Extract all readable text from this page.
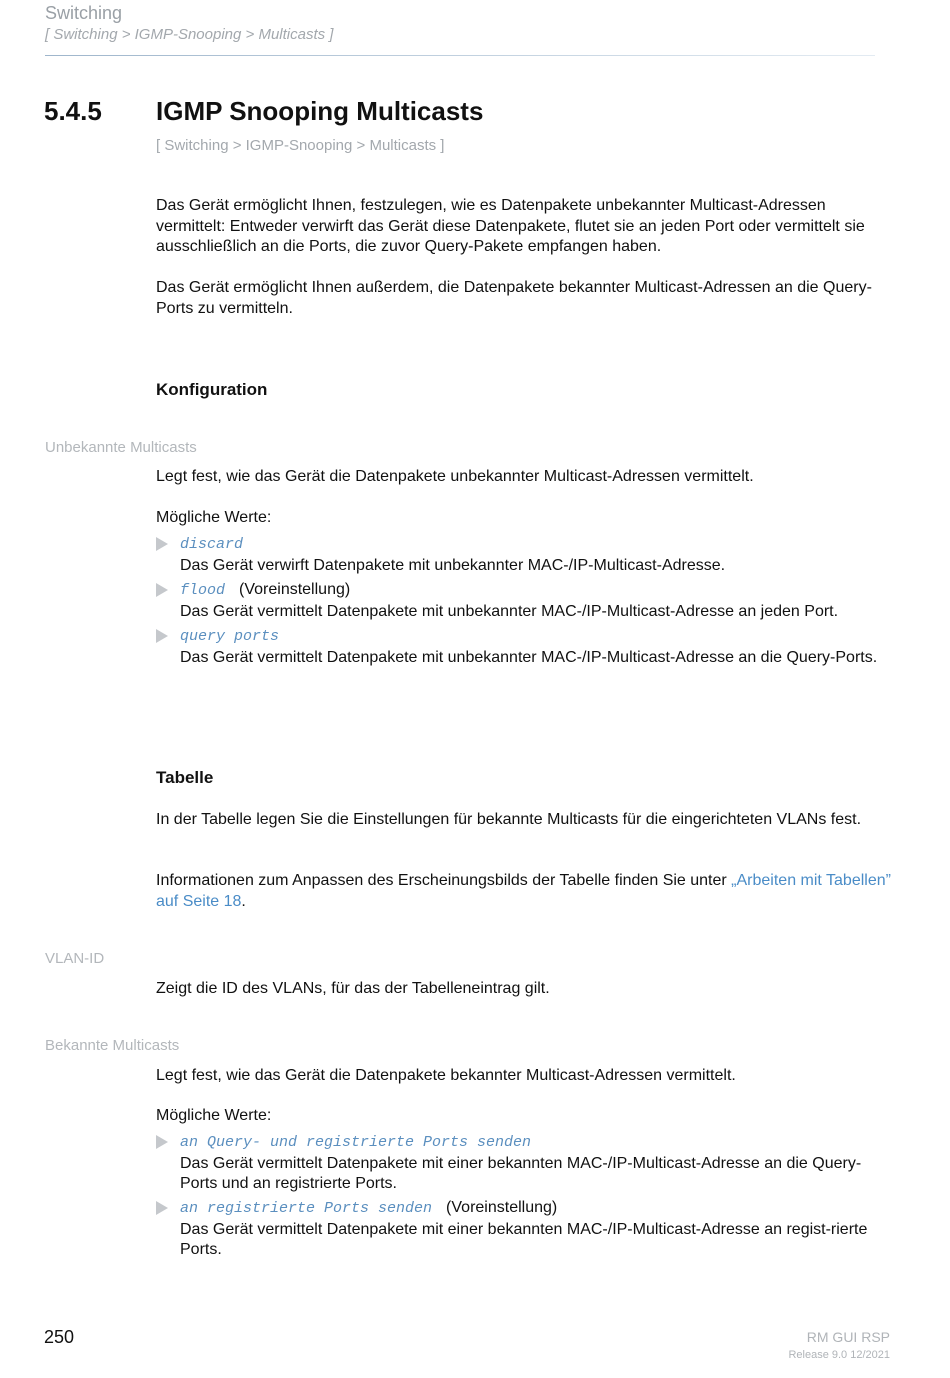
Switching
[ Switching > IGMP-Snooping > Multicasts ]
5.4.5 IGMP Snooping Multicasts
[ Switching > IGMP-Snooping > Multicasts ]
Das Gerät ermöglicht Ihnen, festzulegen, wie es Datenpakete unbekannter Multicast-Adressen vermittelt: Entweder verwirft das Gerät diese Datenpakete, flutet sie an jeden Port oder vermittelt sie ausschließlich an die Ports, die zuvor Query-Pakete empfangen haben.
Das Gerät ermöglicht Ihnen außerdem, die Datenpakete bekannter Multicast-Adressen an die Query-Ports zu vermitteln.
Konfiguration
Unbekannte Multicasts
Legt fest, wie das Gerät die Datenpakete unbekannter Multicast-Adressen vermittelt.
Mögliche Werte:
discard
Das Gerät verwirft Datenpakete mit unbekannter MAC-/IP-Multicast-Adresse.
flood (Voreinstellung)
Das Gerät vermittelt Datenpakete mit unbekannter MAC-/IP-Multicast-Adresse an jeden Port.
query ports
Das Gerät vermittelt Datenpakete mit unbekannter MAC-/IP-Multicast-Adresse an die Query-Ports.
Tabelle
In der Tabelle legen Sie die Einstellungen für bekannte Multicasts für die eingerichteten VLANs fest.
Informationen zum Anpassen des Erscheinungsbilds der Tabelle finden Sie unter „Arbeiten mit Tabellen” auf Seite 18.
VLAN-ID
Zeigt die ID des VLANs, für das der Tabelleneintrag gilt.
Bekannte Multicasts
Legt fest, wie das Gerät die Datenpakete bekannter Multicast-Adressen vermittelt.
Mögliche Werte:
an Query- und registrierte Ports senden
Das Gerät vermittelt Datenpakete mit einer bekannten MAC-/IP-Multicast-Adresse an die Query-Ports und an registrierte Ports.
an registrierte Ports senden (Voreinstellung)
Das Gerät vermittelt Datenpakete mit einer bekannten MAC-/IP-Multicast-Adresse an regist-rierte Ports.
250	RM GUI RSP
Release 9.0 12/2021
